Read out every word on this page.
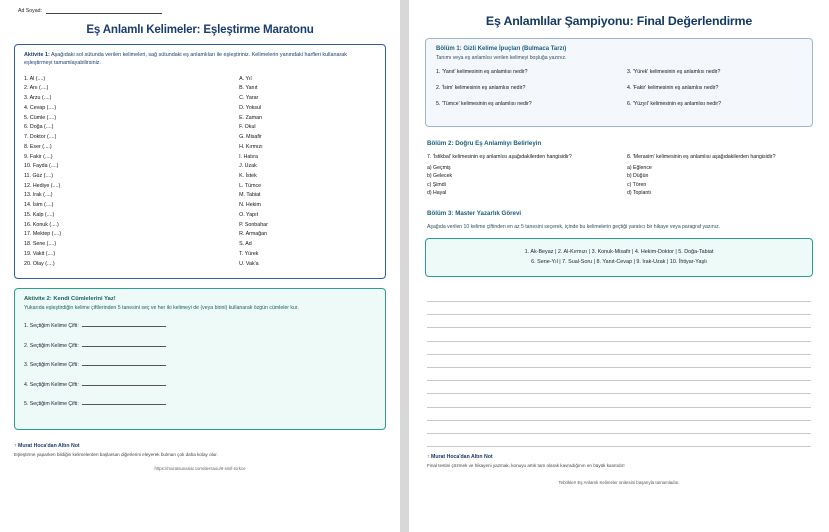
Ad Soyad:
Eş Anlamlı Kelimeler: Eşleştirme Maratonu
Aktivite 1: Aşağıdaki sol sütunda verilen kelimeleri, sağ sütundaki eş anlamlıları ile eşleştiriniz. Kelimelerin yanındaki harfleri kullanarak eşleştirmeyi tamamlayabilirsiniz.
1. Al (....)
2. Anı (....)
3. Arzu (....)
4. Cevap (....)
5. Cümle (....)
6. Doğa (....)
7. Doktor (....)
8. Eser (....)
9. Fakir (....)
10. Fayda (....)
11. Güz (....)
12. Hediye (....)
13. Irak (....)
14. İsim (....)
15. Kalp (....)
16. Konuk (....)
17. Mektep (....)
18. Sene (....)
19. Vakit (....)
20. Olay (....)
A. Yıl
B. Yanıt
C. Yarar
D. Yoksul
E. Zaman
F. Okul
G. Misafir
H. Kırmızı
I. Hatıra
J. Uzak
K. İstek
L. Tümce
M. Tabiat
N. Hekim
O. Yapıt
P. Sonbahar
R. Armağan
S. Ad
T. Yürek
U. Vak'a
Aktivite 2: Kendi Cümlelerini Yaz!
Yukarıda eşleştirdiğin kelime çiftlerinden 5 tanesini seç ve her iki kelimeyi de (veya birini) kullanarak özgün cümleler kur.
1. Seçtiğim Kelime Çifti:
2. Seçtiğim Kelime Çifti:
3. Seçtiğim Kelime Çifti:
4. Seçtiğim Kelime Çifti:
5. Seçtiğim Kelime Çifti:
↑ Murat Hoca'dan Altın Not
Eşleştirme yaparken bildiğin kelimelerden başlarsan diğerlerini eleyerek bulman çok daha kolay olur.
https://muratsunariar.com/dersaou/6-sinif-turkce
Eş Anlamlılar Şampiyonu: Final Değerlendirme
Bölüm 1: Gizli Kelime İpuçları (Bulmaca Tarzı)
Tanımı veya eş anlamlısı verilen kelimeyi boşluğa yazınız.
1. 'Yanıt' kelimesinin eş anlamlısı nedir?
2. 'İsim' kelimesinin eş anlamlısı nedir?
5. 'Tümce' kelimesinin eş anlamlısı nedir?
3. 'Yürek' kelimesinin eş anlamlısı nedir?
4. 'Fakir' kelimesinin eş anlamlısı nedir?
6. 'Yüzyıl' kelimesinin eş anlamlısı nedir?
Bölüm 2: Doğru Eş Anlamlıyı Belirleyin
7. 'İstikbal' kelimesinin eş anlamlısı aşağıdakilerden hangisidir?
a) Geçmiş
b) Gelecek
c) Şimdi
d) Hayal
8. 'Merasim' kelimesinin eş anlamlısı aşağıdakilerden hangisidir?
a) Eğlence
b) Düğün
c) Tören
d) Toplantı
Bölüm 3: Master Yazarlık Görevi
Aşağıda verilen 10 kelime çiftinden en az 5 tanesini seçerek, içinde bu kelimelerin geçtiği yaratıcı bir hikaye veya paragraf yazınız.
1. Ak-Beyaz | 2. Al-Kırmızı | 3. Konuk-Misafir | 4. Hekim-Doktor | 5. Doğa-Tabiat
6. Sene-Yıl | 7. Sual-Soru | 8. Yanıt-Cevap | 9. Irak-Uzak | 10. İhtiyar-Yaşlı
↑ Murat Hoca'dan Altın Not
Final testini çözmek ve hikayeni yazmak, konuyu artık tam olarak kavradığının en büyük kanıtıdır!
Tebrikler! Eş Anlamlı Kelimeler ünitesini başarıyla tamamladın.
